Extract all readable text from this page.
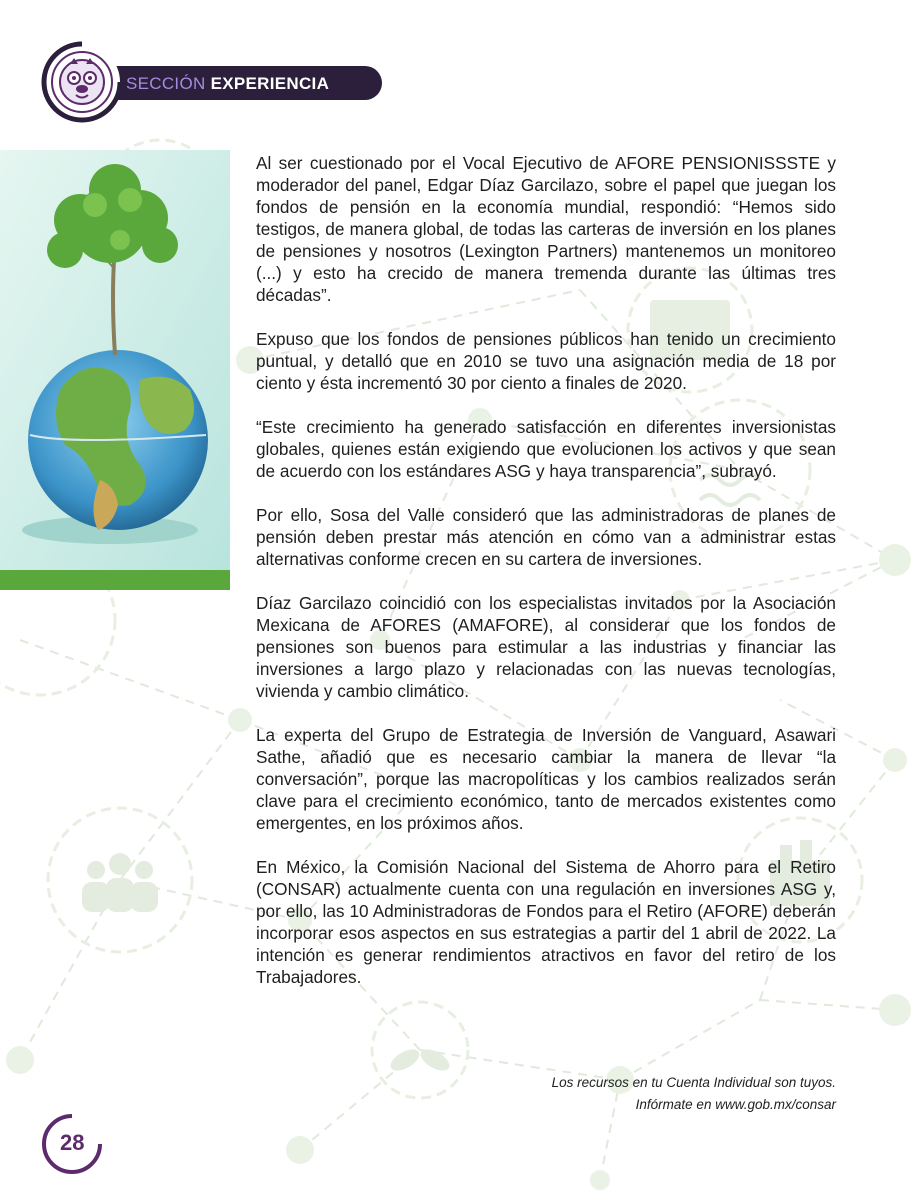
SECCIÓN EXPERIENCIA

Al ser cuestionado por el Vocal Ejecutivo de AFORE PENSIONISSSTE y moderador del panel, Edgar Díaz Garcilazo, sobre el papel que juegan los fondos de pensión en la economía mundial, respondió: “Hemos sido testigos, de manera global, de todas las carteras de inversión en los planes de pensiones y nosotros (Lexington Partners) mantenemos un monitoreo (...) y esto ha crecido de manera tremenda durante las últimas tres décadas”.

Expuso que los fondos de pensiones públicos han tenido un crecimiento puntual, y detalló que en 2010 se tuvo una asignación media de 18 por ciento y ésta incrementó 30 por ciento a finales de 2020.

“Este crecimiento ha generado satisfacción en diferentes inversionistas globales, quienes están exigiendo que evolucionen los activos y que sean de acuerdo con los estándares ASG y haya transparencia”, subrayó.

Por ello, Sosa del Valle consideró que las administradoras de planes de pensión deben prestar más atención en cómo van a administrar estas alternativas conforme crecen en su cartera de inversiones.

Díaz Garcilazo coincidió con los especialistas invitados por la Asociación Mexicana de AFORES (AMAFORE), al considerar que los fondos de pensiones son buenos para estimular a las industrias y financiar las inversiones a largo plazo y relacionadas con las nuevas tecnologías, vivienda y cambio climático.

La experta del Grupo de Estrategia de Inversión de Vanguard, Asawari Sathe, añadió que es necesario cambiar la manera de llevar “la conversación”, porque las macropolíticas y los cambios realizados serán clave para el crecimiento económico, tanto de mercados existentes como emergentes, en los próximos años.

En México, la Comisión Nacional del Sistema de Ahorro para el Retiro (CONSAR) actualmente cuenta con una regulación en inversiones ASG y, por ello, las 10 Administradoras de Fondos para el Retiro (AFORE) deberán incorporar esos aspectos en sus estrategias a partir del 1 abril de 2022. La intención es generar rendimientos atractivos en favor del retiro de los Trabajadores.

Los recursos en tu Cuenta Individual son tuyos.
Infórmate en www.gob.mx/consar
28
